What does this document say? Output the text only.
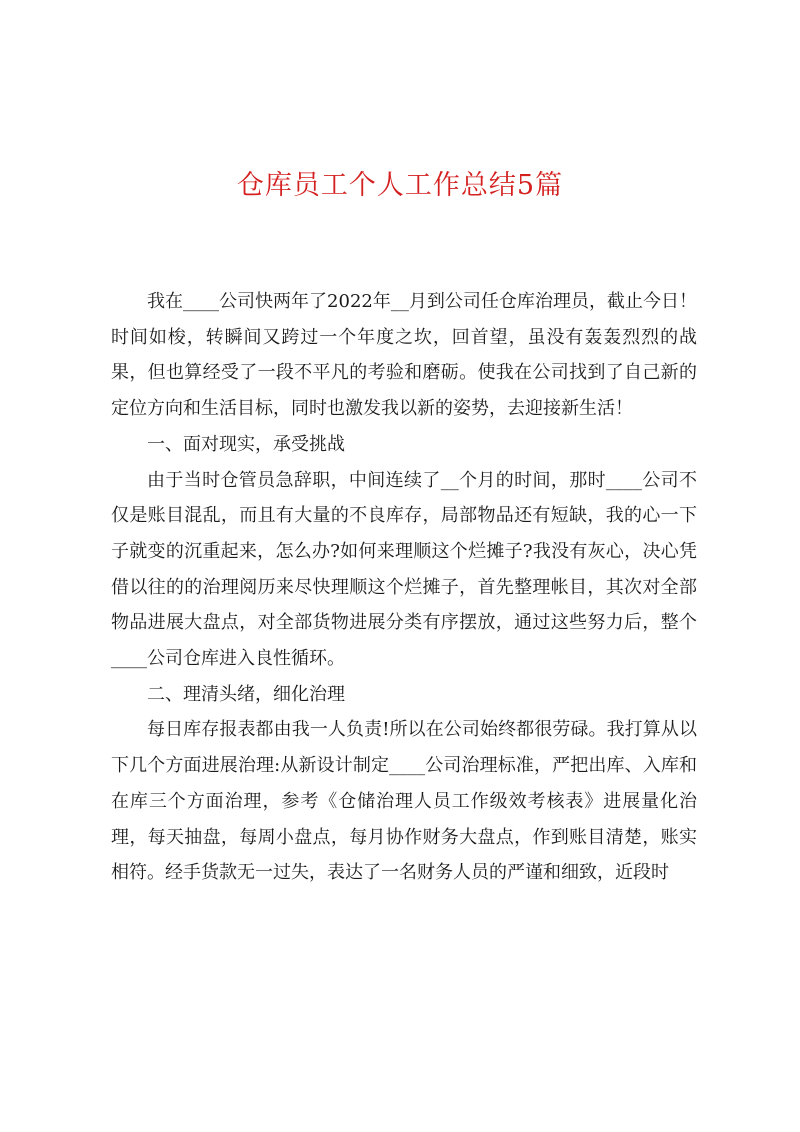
仓库员工个人工作总结5篇

我在____公司快两年了2022年__月到公司任仓库治理员，截止今日！时间如梭，转瞬间又跨过一个年度之坎，回首望，虽没有轰轰烈烈的战果，但也算经受了一段不平凡的考验和磨砺。使我在公司找到了自己新的定位方向和生活目标，同时也激发我以新的姿势，去迎接新生活！

一、面对现实，承受挑战

由于当时仓管员急辞职，中间连续了__个月的时间，那时____公司不仅是账目混乱，而且有大量的不良库存，局部物品还有短缺，我的心一下子就变的沉重起来，怎么办?如何来理顺这个烂摊子?我没有灰心，决心凭借以往的的治理阅历来尽快理顺这个烂摊子，首先整理帐目，其次对全部物品进展大盘点，对全部货物进展分类有序摆放，通过这些努力后，整个____公司仓库进入良性循环。

二、理清头绪，细化治理

每日库存报表都由我一人负责!所以在公司始终都很劳碌。我打算从以下几个方面进展治理:从新设计制定____公司治理标准，严把出库、入库和在库三个方面治理，参考《仓储治理人员工作级效考核表》进展量化治理，每天抽盘，每周小盘点，每月协作财务大盘点，作到账目清楚，账实相符。经手货款无一过失，表达了一名财务人员的严谨和细致，近段时
